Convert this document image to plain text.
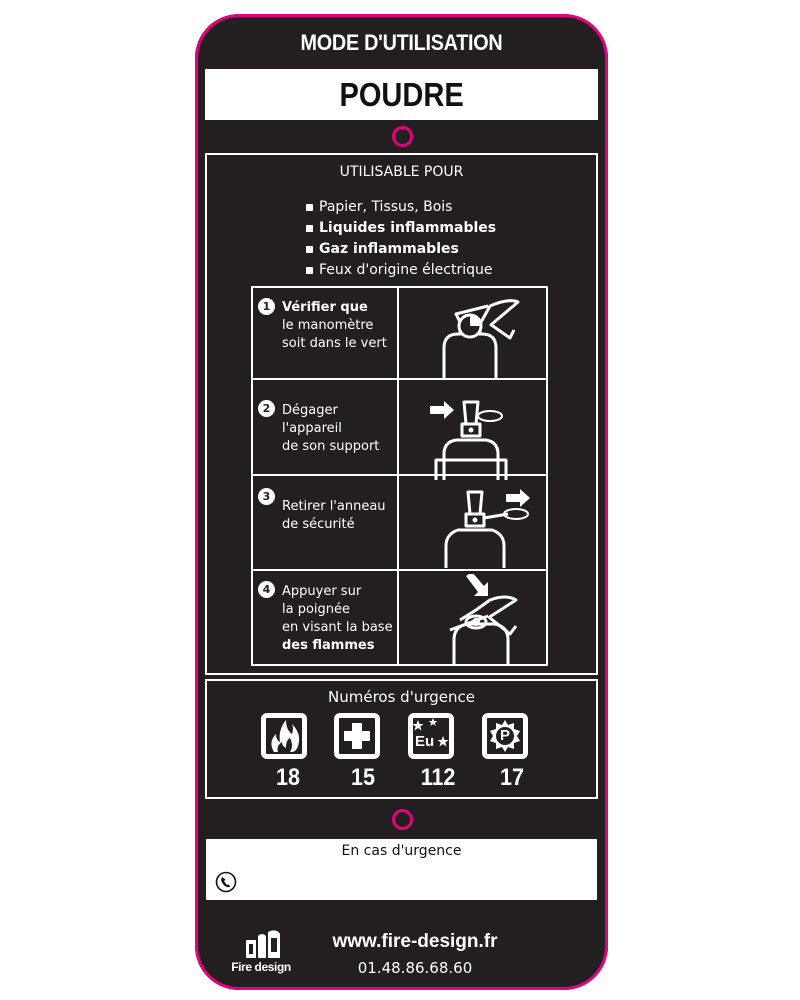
MODE D'UTILISATION
POUDRE
UTILISABLE POUR
Papier, Tissus, Bois
Liquides inflammables
Gaz inflammables
Feux d'origine électrique
1 Vérifier que
le manomètre
soit dans le vert
2 Dégager
l'appareil
de son support
3
Retirer l'anneau
de sécurité
4 Appuyer sur
la poignée
en visant la base
des flammes
Numéros d'urgence
18	15
Eu
112
P
17
En cas d'urgence
Fire design
www.fire-design.fr
01.48.86.68.60
